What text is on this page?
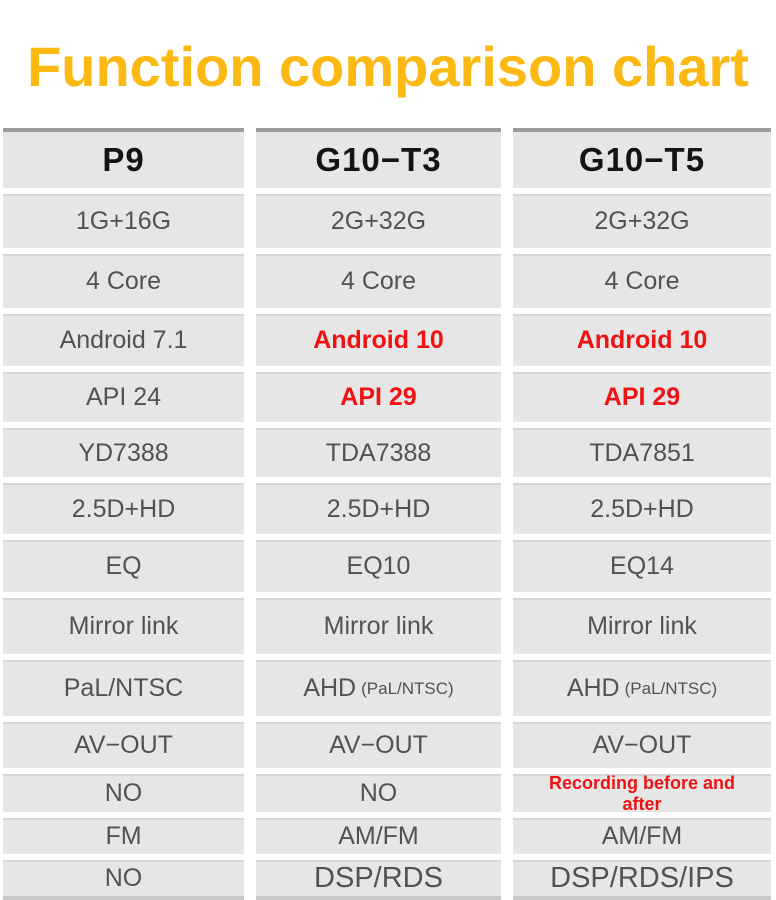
Function comparison chart
P9	G10−T3	G10−T5
1G+16G	2G+32G	2G+32G
4 Core	4 Core	4 Core
Android 7.1	Android 10	Android 10
API 24	API 29	API 29
YD7388	TDA7388	TDA7851
2.5D+HD	2.5D+HD	2.5D+HD
EQ	EQ10	EQ14
Mirror link	Mirror link	Mirror link
PaL/NTSC	AHD (PaL/NTSC)	AHD (PaL/NTSC)
AV−OUT	AV−OUT	AV−OUT
NO	NO	Recording before and after
FM	AM/FM	AM/FM
NO	DSP/RDS	DSP/RDS/IPS
